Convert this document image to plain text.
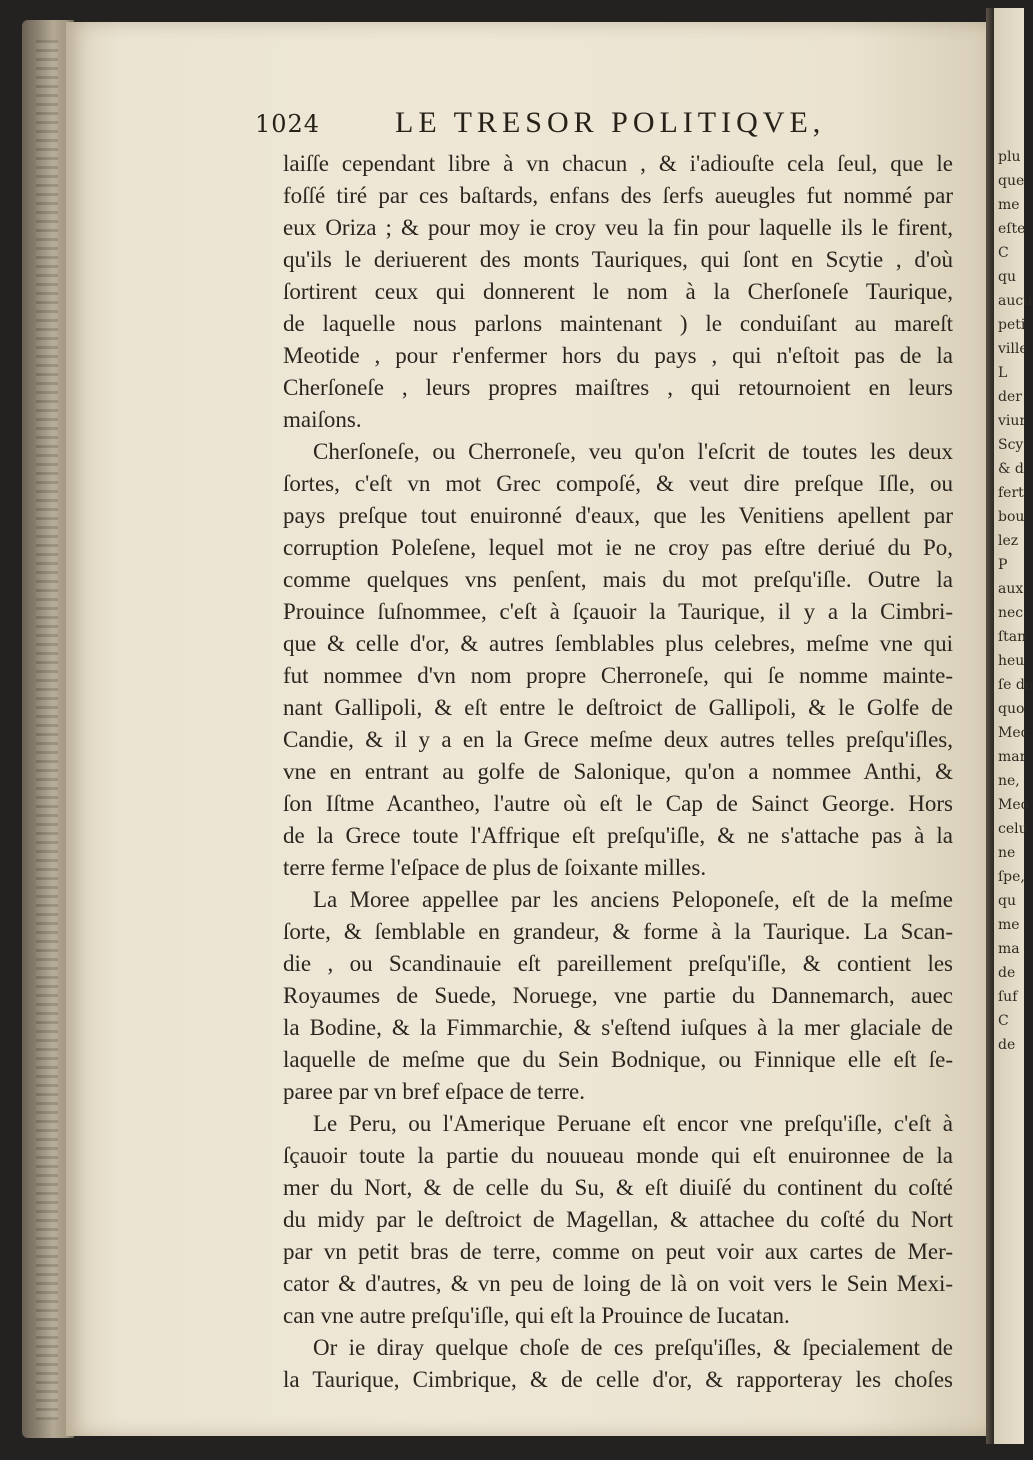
plu
que
me
eſte
C
qu
aucu
peti
ville
L
der
viur
Scy
& d
fert
bou
lez
P
aux
nec
ſtan
heu
ſe de
quo
Mec
mar
ne,
Meo
celu
ne
ſpe,
qu
me
ma
de
ſuf
C
de
1024 LE TRESOR POLITIQVE,
laiſſe cependant libre à vn chacun , & i'adiouſte cela ſeul, que le
foſſé tiré par ces baſtards, enfans des ſerfs aueugles fut nommé par
eux Oriza ; & pour moy ie croy veu la fin pour laquelle ils le firent,
qu'ils le deriuerent des monts Tauriques, qui ſont en Scytie , d'où
ſortirent ceux qui donnerent le nom à la Cherſoneſe Taurique,
de laquelle nous parlons maintenant ) le conduiſant au mareſt
Meotide , pour r'enfermer hors du pays , qui n'eſtoit pas de la
Cherſoneſe , leurs propres maiſtres , qui retournoient en leurs
maiſons.
Cherſoneſe, ou Cherroneſe, veu qu'on l'eſcrit de toutes les deux
ſortes, c'eſt vn mot Grec compoſé, & veut dire preſque Iſle, ou
pays preſque tout enuironné d'eaux, que les Venitiens apellent par
corruption Poleſene, lequel mot ie ne croy pas eſtre deriué du Po,
comme quelques vns penſent, mais du mot preſqu'iſle. Outre la
Prouince ſuſnommee, c'eſt à ſçauoir la Taurique, il y a la Cimbri-
que & celle d'or, & autres ſemblables plus celebres, meſme vne qui
fut nommee d'vn nom propre Cherroneſe, qui ſe nomme mainte-
nant Gallipoli, & eſt entre le deſtroict de Gallipoli, & le Golfe de
Candie, & il y a en la Grece meſme deux autres telles preſqu'iſles,
vne en entrant au golfe de Salonique, qu'on a nommee Anthi, &
ſon Iſtme Acantheo, l'autre où eſt le Cap de Sainct George. Hors
de la Grece toute l'Affrique eſt preſqu'iſle, & ne s'attache pas à la
terre ferme l'eſpace de plus de ſoixante milles.
La Moree appellee par les anciens Peloponeſe, eſt de la meſme
ſorte, & ſemblable en grandeur, & forme à la Taurique. La Scan-
die , ou Scandinauie eſt pareillement preſqu'iſle, & contient les
Royaumes de Suede, Noruege, vne partie du Dannemarch, auec
la Bodine, & la Fimmarchie, & s'eſtend iuſques à la mer glaciale de
laquelle de meſme que du Sein Bodnique, ou Finnique elle eſt ſe-
paree par vn bref eſpace de terre.
Le Peru, ou l'Amerique Peruane eſt encor vne preſqu'iſle, c'eſt à
ſçauoir toute la partie du nouueau monde qui eſt enuironnee de la
mer du Nort, & de celle du Su, & eſt diuiſé du continent du coſté
du midy par le deſtroict de Magellan, & attachee du coſté du Nort
par vn petit bras de terre, comme on peut voir aux cartes de Mer-
cator & d'autres, & vn peu de loing de là on voit vers le Sein Mexi-
can vne autre preſqu'iſle, qui eſt la Prouince de Iucatan.
Or ie diray quelque choſe de ces preſqu'iſles, & ſpecialement de
la Taurique, Cimbrique, & de celle d'or, & rapporteray les choſes
